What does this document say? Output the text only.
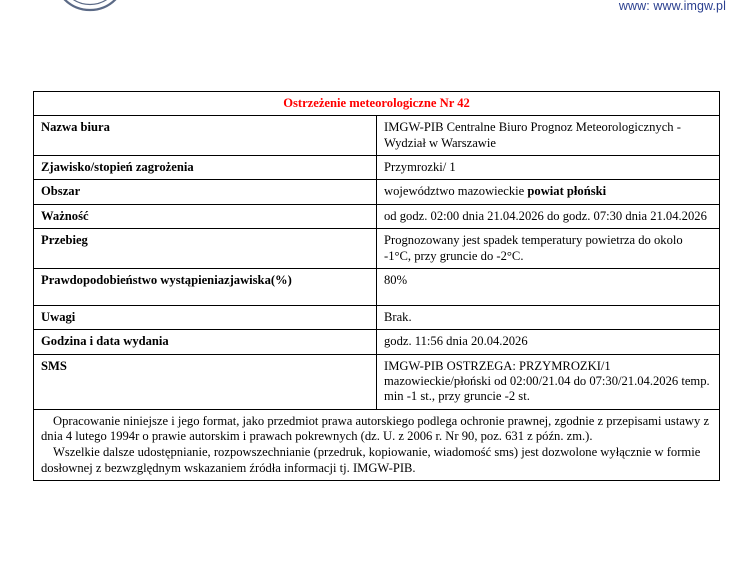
www: www.imgw.pl
Ostrzeżenie meteorologiczne Nr 42	
Nazwa biura	IMGW-PIB Centralne Biuro Prognoz Meteorologicznych - Wydział w Warszawie
Zjawisko/stopień zagrożenia	Przymrozki/ 1
Obszar	województwo mazowieckie powiat płoński
Ważność	od godz. 02:00 dnia 21.04.2026 do godz. 07:30 dnia 21.04.2026
Przebieg	Prognozowany jest spadek temperatury powietrza do okolo -1°C, przy gruncie do -2°C.
Prawdopodobieństwo wystąpieniazjawiska(%)	80%
Uwagi	Brak.
Godzina i data wydania	godz. 11:56 dnia 20.04.2026
SMS	IMGW-PIB OSTRZEGA: PRZYMROZKI/1 mazowieckie/płoński od 02:00/21.04 do 07:30/21.04.2026 temp. min -1 st., przy gruncie -2 st.

Opracowanie niniejsze i jego format, jako przedmiot prawa autorskiego podlega ochronie prawnej, zgodnie z przepisami ustawy z dnia 4 lutego 1994r o prawie autorskim i prawach pokrewnych (dz. U. z 2006 r. Nr 90, poz. 631 z późn. zm.).

Wszelkie dalsze udostępnianie, rozpowszechnianie (przedruk, kopiowanie, wiadomość sms) jest dozwolone wyłącznie w formie dosłownej z bezwzględnym wskazaniem źródła informacji tj. IMGW-PIB.	
